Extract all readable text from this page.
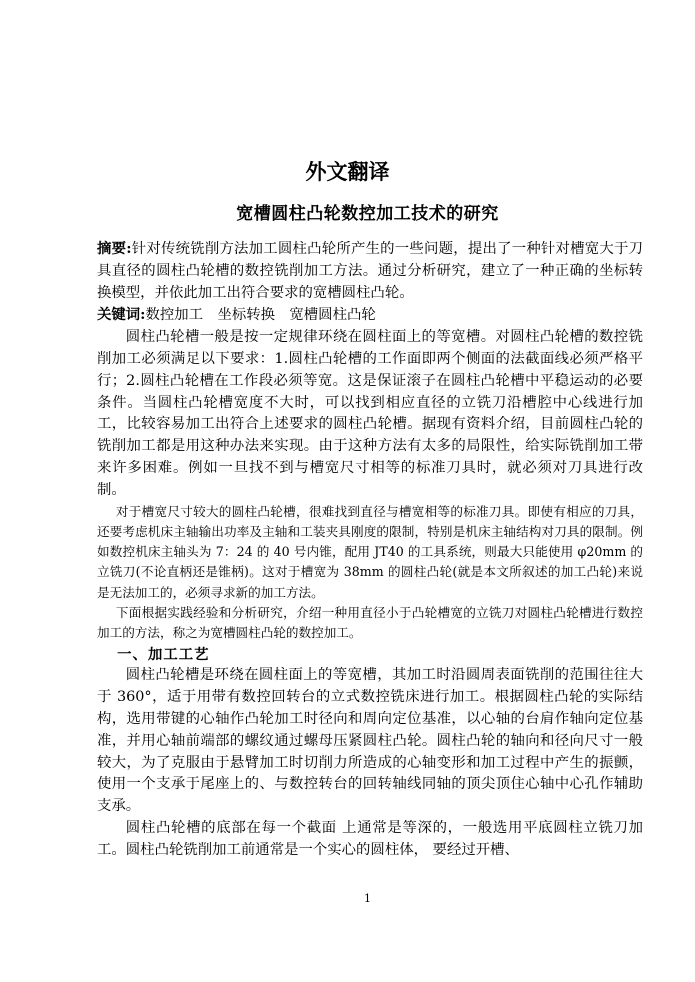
外文翻译
宽槽圆柱凸轮数控加工技术的研究

摘要:针对传统铣削方法加工圆柱凸轮所产生的一些问题，提出了一种针对槽宽大于刀具直径的圆柱凸轮槽的数控铣削加工方法。通过分析研究，建立了一种正确的坐标转换模型，并依此加工出符合要求的宽槽圆柱凸轮。

关键词:数控加工　坐标转换　宽槽圆柱凸轮

圆柱凸轮槽一般是按一定规律环绕在圆柱面上的等宽槽。对圆柱凸轮槽的数控铣削加工必须满足以下要求：1.圆柱凸轮槽的工作面即两个侧面的法截面线必须严格平行；2.圆柱凸轮槽在工作段必须等宽。这是保证滚子在圆柱凸轮槽中平稳运动的必要条件。当圆柱凸轮槽宽度不大时，可以找到相应直径的立铣刀沿槽腔中心线进行加工，比较容易加工出符合上述要求的圆柱凸轮槽。据现有资料介绍，目前圆柱凸轮的铣削加工都是用这种办法来实现。由于这种方法有太多的局限性，给实际铣削加工带来许多困难。例如一旦找不到与槽宽尺寸相等的标准刀具时，就必须对刀具进行改制。

对于槽宽尺寸较大的圆柱凸轮槽，很难找到直径与槽宽相等的标准刀具。即使有相应的刀具，还要考虑机床主轴输出功率及主轴和工装夹具刚度的限制，特别是机床主轴结构对刀具的限制。例如数控机床主轴头为 7：24 的 40 号内锥，配用 JT40 的工具系统，则最大只能使用 φ20mm 的立铣刀(不论直柄还是锥柄)。这对于槽宽为 38mm 的圆柱凸轮(就是本文所叙述的加工凸轮)来说是无法加工的，必须寻求新的加工方法。

下面根据实践经验和分析研究，介绍一种用直径小于凸轮槽宽的立铣刀对圆柱凸轮槽进行数控加工的方法，称之为宽槽圆柱凸轮的数控加工。

一、加工工艺

圆柱凸轮槽是环绕在圆柱面上的等宽槽，其加工时沿圆周表面铣削的范围往往大于 360°，适于用带有数控回转台的立式数控铣床进行加工。根据圆柱凸轮的实际结构，选用带键的心轴作凸轮加工时径向和周向定位基准，以心轴的台肩作轴向定位基准，并用心轴前端部的螺纹通过螺母压紧圆柱凸轮。圆柱凸轮的轴向和径向尺寸一般较大，为了克服由于悬臂加工时切削力所造成的心轴变形和加工过程中产生的振颤，使用一个支承于尾座上的、与数控转台的回转轴线同轴的顶尖顶住心轴中心孔作辅助支承。

圆柱凸轮槽的底部在每一个截面 上通常是等深的，一般选用平底圆柱立铣刀加工。圆柱凸轮铣削加工前通常是一个实心的圆柱体， 要经过开槽、

1
